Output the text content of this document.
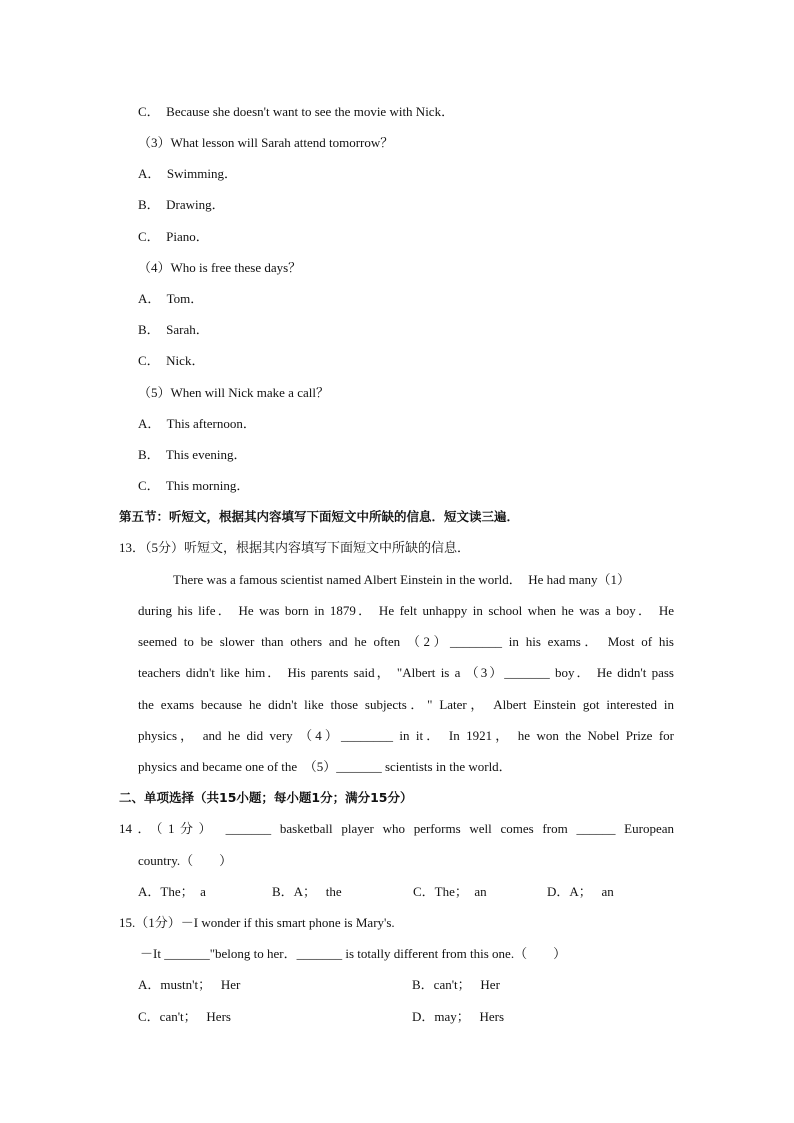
C．  Because she doesn't want to see the movie with Nick．
（3）What lesson will Sarah attend tomorrow？
A．  Swimming．
B．  Drawing．
C．  Piano．
（4）Who is free these days？
A．  Tom．
B．  Sarah．
C．  Nick．
（5）When will Nick make a call？
A．  This afternoon．
B．  This evening．
C．  This morning．
第五节：听短文，根据其内容填写下面短文中所缺的信息．短文读三遍．
13．（5分）听短文，根据其内容填写下面短文中所缺的信息．
There was a famous scientist named Albert Einstein in the world．  He had many（1）
during his life． He was born in 1879． He felt unhappy in school when he was a boy． He
seemed to be slower than others and he often （2）________ in his exams． Most of his
teachers didn't like him． His parents said， "Albert is a （3）_______ boy． He didn't pass
the exams because he didn't like those subjects．" Later， Albert Einstein got interested in
physics， and he did very （4）________ in it． In 1921， he won the Nobel Prize for
physics and became one of the  （5）_______ scientists in the world．
二、单项选择（共15小题；每小题1分；满分15分）
14．（1分） _______ basketball player who performs well comes from ______ European
country.（        ）
A．The；  a	B．A；   the	C．The；  an	D．A；   an
15.（1分）－I wonder if this smart phone is Mary's.
－It _______"belong to her．_______ is totally different from this one.（        ）
A．mustn't；   Her	B．can't；   Her
C．can't；   Hers	D．may；   Hers
